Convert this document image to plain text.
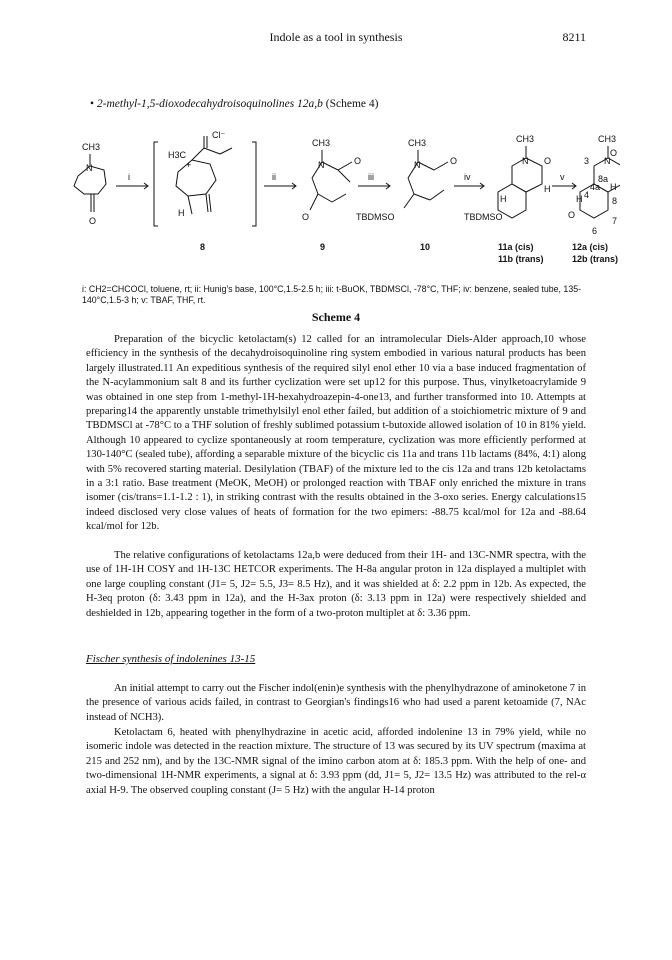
Indole as a tool in synthesis	8211
• 2-methyl-1,5-dioxodecahydroisoquinolines 12a,b (Scheme 4)
CH3
N
O
i
Cl⁻
H3C
+
H
ii
CH3
N	O
O
iii
CH3
N	O
TBDMSO
iv
CH3
N O
H
H
TBDMSO
v
CH3
N
3
O
H
4
4a
8a
8
7
6
O
H
8	9	10	11a (cis)
11b (trans)
12a (cis)
12b (trans)
i: CH2=CHCOCl, toluene, rt; ii: Hunig's base, 100°C,1.5-2.5 h; iii: t-BuOK, TBDMSCl, -78°C, THF; iv: benzene, sealed tube, 135-140°C,1.5-3 h; v: TBAF, THF, rt.
Scheme 4

Preparation of the bicyclic ketolactam(s) 12 called for an intramolecular Diels-Alder approach,10 whose efficiency in the synthesis of the decahydroisoquinoline ring system embodied in various natural products has been largely illustrated.11 An expeditious synthesis of the required silyl enol ether 10 via a base induced fragmentation of the N-acylammonium salt 8 and its further cyclization were set up12 for this purpose. Thus, vinylketoacrylamide 9 was obtained in one step from 1-methyl-1H-hexahydroazepin-4-one13, and further transformed into 10. Attempts at preparing14 the apparently unstable trimethylsilyl enol ether failed, but addition of a stoichiometric mixture of 9 and TBDMSCl at -78°C to a THF solution of freshly sublimed potassium t-butoxide allowed isolation of 10 in 81% yield. Although 10 appeared to cyclize spontaneously at room temperature, cyclization was more efficiently performed at 130-140°C (sealed tube), affording a separable mixture of the bicyclic cis 11a and trans 11b lactams (84%, 4:1) along with 5% recovered starting material. Desilylation (TBAF) of the mixture led to the cis 12a and trans 12b ketolactams in a 3:1 ratio. Base treatment (MeOK, MeOH) or prolonged reaction with TBAF only enriched the mixture in trans isomer (cis/trans=1.1-1.2 : 1), in striking contrast with the results obtained in the 3-oxo series. Energy calculations15 indeed disclosed very close values of heats of formation for the two epimers: -88.75 kcal/mol for 12a and -88.64 kcal/mol for 12b.

The relative configurations of ketolactams 12a,b were deduced from their 1H- and 13C-NMR spectra, with the use of 1H-1H COSY and 1H-13C HETCOR experiments. The H-8a angular proton in 12a displayed a multiplet with one large coupling constant (J1= 5, J2= 5.5, J3= 8.5 Hz), and it was shielded at δ: 2.2 ppm in 12b. As expected, the H-3eq proton (δ: 3.43 ppm in 12a), and the H-3ax proton (δ: 3.13 ppm in 12a) were respectively shielded and deshielded in 12b, appearing together in the form of a two-proton multiplet at δ: 3.36 ppm.

Fischer synthesis of indolenines 13-15

An initial attempt to carry out the Fischer indol(enin)e synthesis with the phenylhydrazone of aminoketone 7 in the presence of various acids failed, in contrast to Georgian's findings16 who had used a parent ketoamide (7, NAc instead of NCH3).

Ketolactam 6, heated with phenylhydrazine in acetic acid, afforded indolenine 13 in 79% yield, while no isomeric indole was detected in the reaction mixture. The structure of 13 was secured by its UV spectrum (maxima at 215 and 252 nm), and by the 13C-NMR signal of the imino carbon atom at δ: 185.3 ppm. With the help of one- and two-dimensional 1H-NMR experiments, a signal at δ: 3.93 ppm (dd, J1= 5, J2= 13.5 Hz) was attributed to the rel-α axial H-9. The observed coupling constant (J= 5 Hz) with the angular H-14 proton
